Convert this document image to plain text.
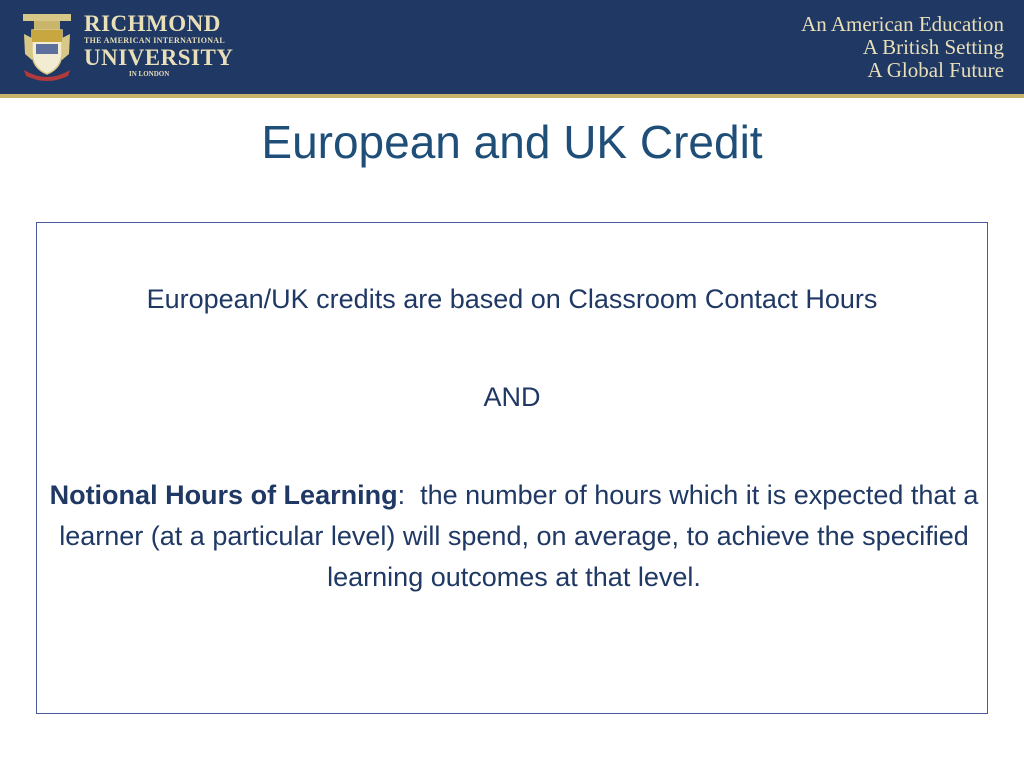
RICHMOND
THE AMERICAN INTERNATIONAL
UNIVERSITY
IN LONDON
An American Education
A British Setting
A Global Future
European and UK Credit
European/UK credits are based on Classroom Contact Hours
AND
Notional Hours of Learning: the number of hours which it is expected that a learner (at a particular level) will spend, on average, to achieve the specified learning outcomes at that level.
